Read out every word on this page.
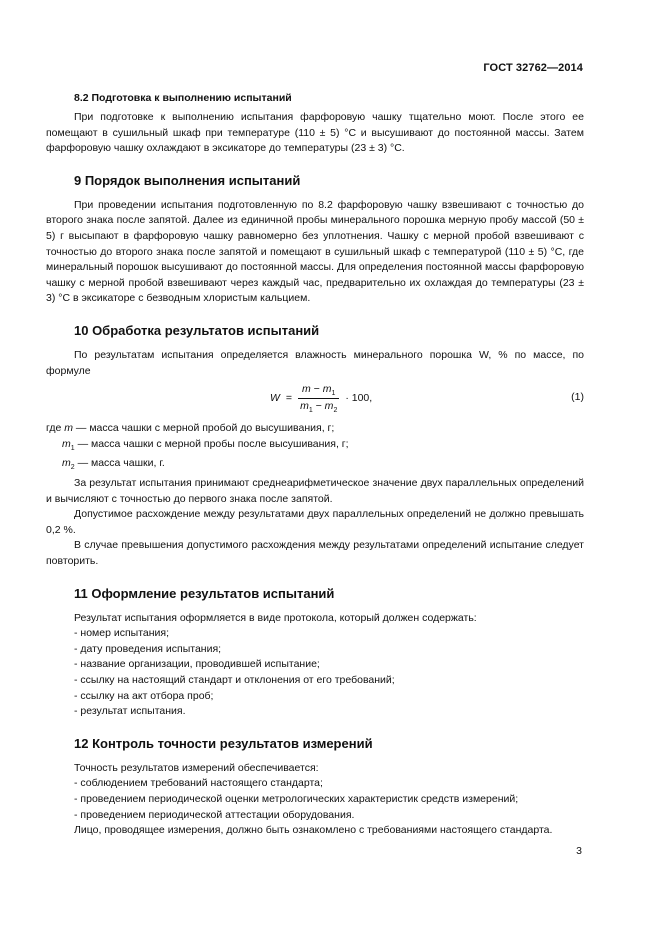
ГОСТ 32762—2014

8.2 Подготовка к выполнению испытаний

При подготовке к выполнению испытания фарфоровую чашку тщательно моют. После этого ее помещают в сушильный шкаф при температуре (110 ± 5) °С и высушивают до постоянной массы. Затем фарфоровую чашку охлаждают в эксикаторе до температуры (23 ± 3) °С.

9 Порядок выполнения испытаний

При проведении испытания подготовленную по 8.2 фарфоровую чашку взвешивают с точностью до второго знака после запятой. Далее из единичной пробы минерального порошка мерную пробу массой (50 ± 5) г высыпают в фарфоровую чашку равномерно без уплотнения. Чашку с мерной пробой взвешивают с точностью до второго знака после запятой и помещают в сушильный шкаф с температурой (110 ± 5) °С, где минеральный порошок высушивают до постоянной массы. Для определения постоянной массы фарфоровую чашку с мерной пробой взвешивают через каждый час, предварительно их охлаждая до температуры (23 ± 3) °С в эксикаторе с безводным хлористым кальцием.

10 Обработка результатов испытаний

По результатам испытания определяется влажность минерального порошка W, % по массе, по формуле

$W = \frac{m - m_1}{m_1 - m_2} \cdot 100$,	(1)

где m — масса чашки с мерной пробой до высушивания, г;

$m_1$ — масса чашки с мерной пробы после высушивания, г;

$m_2$ — масса чашки, г.

За результат испытания принимают среднеарифметическое значение двух параллельных определений и вычисляют с точностью до первого знака после запятой.

Допустимое расхождение между результатами двух параллельных определений не должно превышать 0,2 %.

В случае превышения допустимого расхождения между результатами определений испытание следует повторить.

11 Оформление результатов испытаний

Результат испытания оформляется в виде протокола, который должен содержать:

- номер испытания;

- дату проведения испытания;

- название организации, проводившей испытание;

- ссылку на настоящий стандарт и отклонения от его требований;

- ссылку на акт отбора проб;

- результат испытания.

12 Контроль точности результатов измерений

Точность результатов измерений обеспечивается:

- соблюдением требований настоящего стандарта;

- проведением периодической оценки метрологических характеристик средств измерений;

- проведением периодической аттестации оборудования.

Лицо, проводящее измерения, должно быть ознакомлено с требованиями настоящего стандарта.

3
